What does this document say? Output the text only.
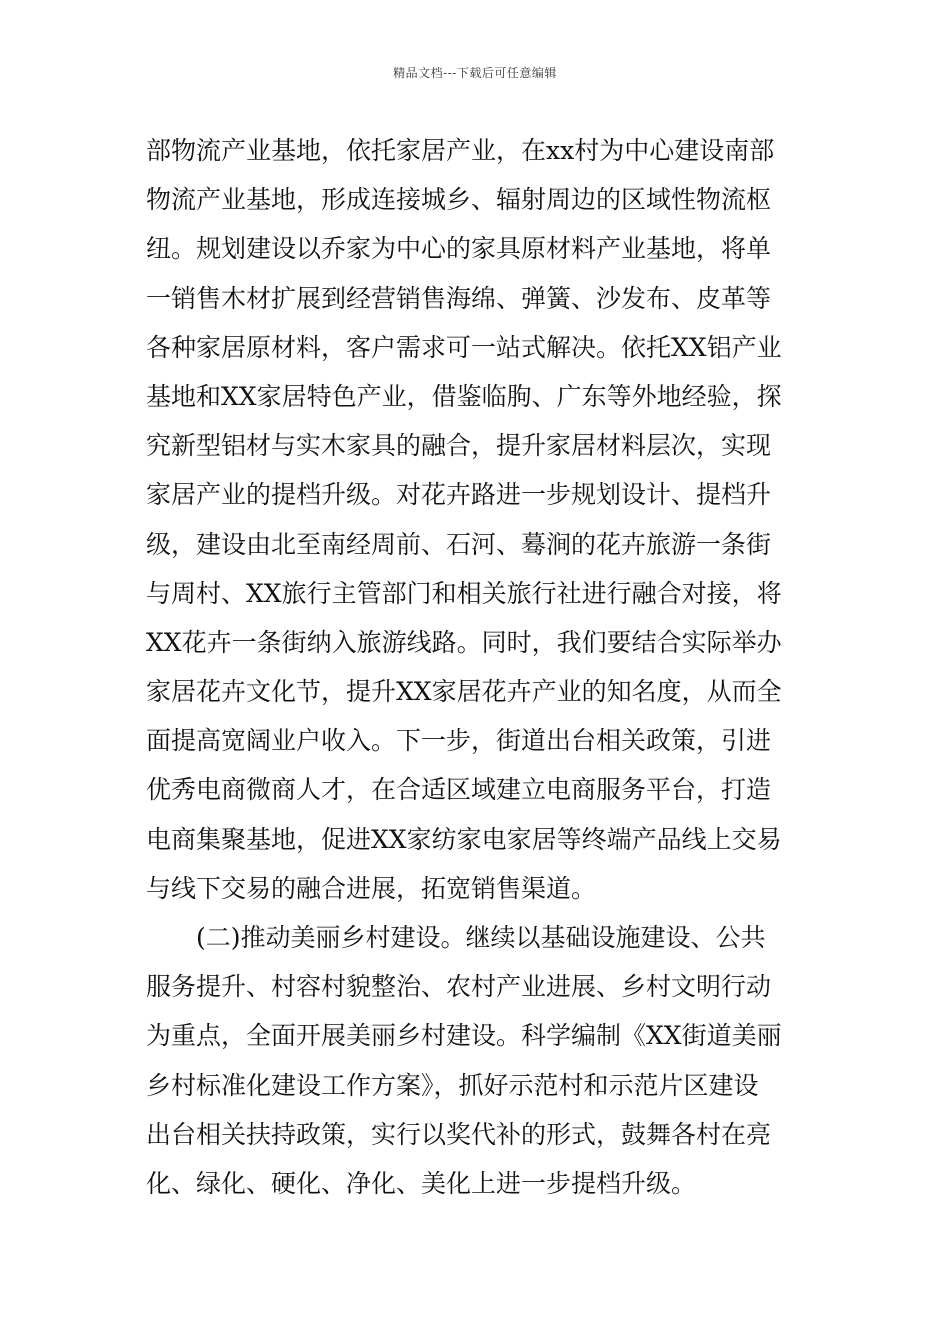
精品文档---下载后可任意编辑
部物流产业基地，依托家居产业，在xx村为中心建设南部
物流产业基地，形成连接城乡、辐射周边的区域性物流枢
纽。规划建设以乔家为中心的家具原材料产业基地，将单
一销售木材扩展到经营销售海绵、弹簧、沙发布、皮革等
各种家居原材料，客户需求可一站式解决。依托XX铝产业
基地和XX家居特色产业，借鉴临朐、广东等外地经验，探
究新型铝材与实木家具的融合，提升家居材料层次，实现
家居产业的提档升级。对花卉路进一步规划设计、提档升
级，建设由北至南经周前、石河、蓦涧的花卉旅游一条街
与周村、XX旅行主管部门和相关旅行社进行融合对接，将
XX花卉一条街纳入旅游线路。同时，我们要结合实际举办
家居花卉文化节，提升XX家居花卉产业的知名度，从而全
面提高宽阔业户收入。下一步，街道出台相关政策，引进
优秀电商微商人才，在合适区域建立电商服务平台，打造
电商集聚基地，促进XX家纺家电家居等终端产品线上交易
与线下交易的融合进展，拓宽销售渠道。
(二)推动美丽乡村建设。继续以基础设施建设、公共
服务提升、村容村貌整治、农村产业进展、乡村文明行动
为重点，全面开展美丽乡村建设。科学编制《XX街道美丽
乡村标准化建设工作方案》，抓好示范村和示范片区建设
出台相关扶持政策，实行以奖代补的形式，鼓舞各村在亮
化、绿化、硬化、净化、美化上进一步提档升级。
